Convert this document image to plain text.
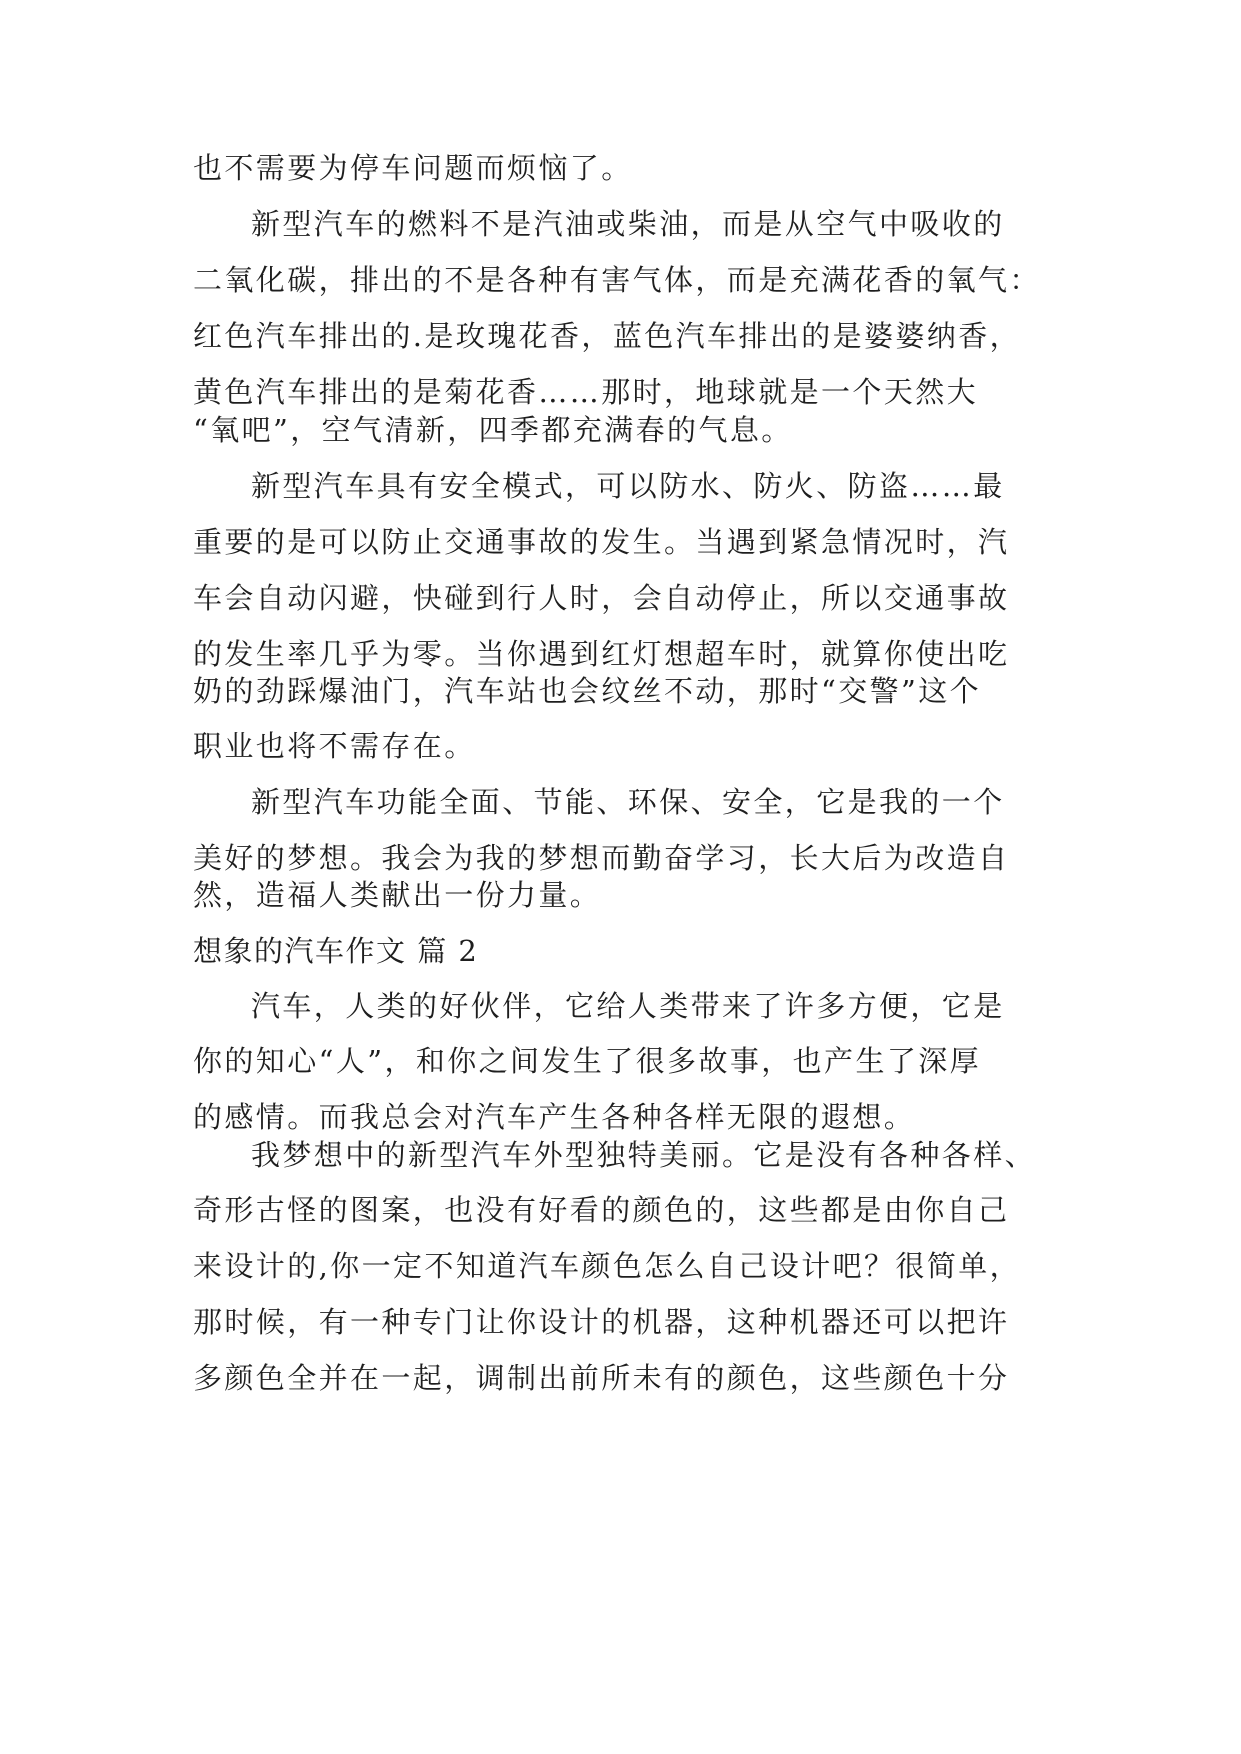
也不需要为停车问题而烦恼了。
新型汽车的燃料不是汽油或柴油，而是从空气中吸收的
二氧化碳，排出的不是各种有害气体，而是充满花香的氧气：
红色汽车排出的.是玫瑰花香，蓝色汽车排出的是婆婆纳香，
黄色汽车排出的是菊花香……那时，地球就是一个天然大
“氧吧”，空气清新，四季都充满春的气息。
新型汽车具有安全模式，可以防水、防火、防盗……最
重要的是可以防止交通事故的发生。当遇到紧急情况时，汽
车会自动闪避，快碰到行人时，会自动停止，所以交通事故
的发生率几乎为零。当你遇到红灯想超车时，就算你使出吃
奶的劲踩爆油门，汽车站也会纹丝不动，那时“交警”这个
职业也将不需存在。
新型汽车功能全面、节能、环保、安全，它是我的一个
美好的梦想。我会为我的梦想而勤奋学习，长大后为改造自
然，造福人类献出一份力量。
想象的汽车作文 篇 2
汽车，人类的好伙伴，它给人类带来了许多方便，它是
你的知心“人”，和你之间发生了很多故事，也产生了深厚
的感情。而我总会对汽车产生各种各样无限的遐想。
我梦想中的新型汽车外型独特美丽。它是没有各种各样、
奇形古怪的图案，也没有好看的颜色的，这些都是由你自己
来设计的,你一定不知道汽车颜色怎么自己设计吧？很简单，
那时候，有一种专门让你设计的机器，这种机器还可以把许
多颜色全并在一起，调制出前所未有的颜色，这些颜色十分
